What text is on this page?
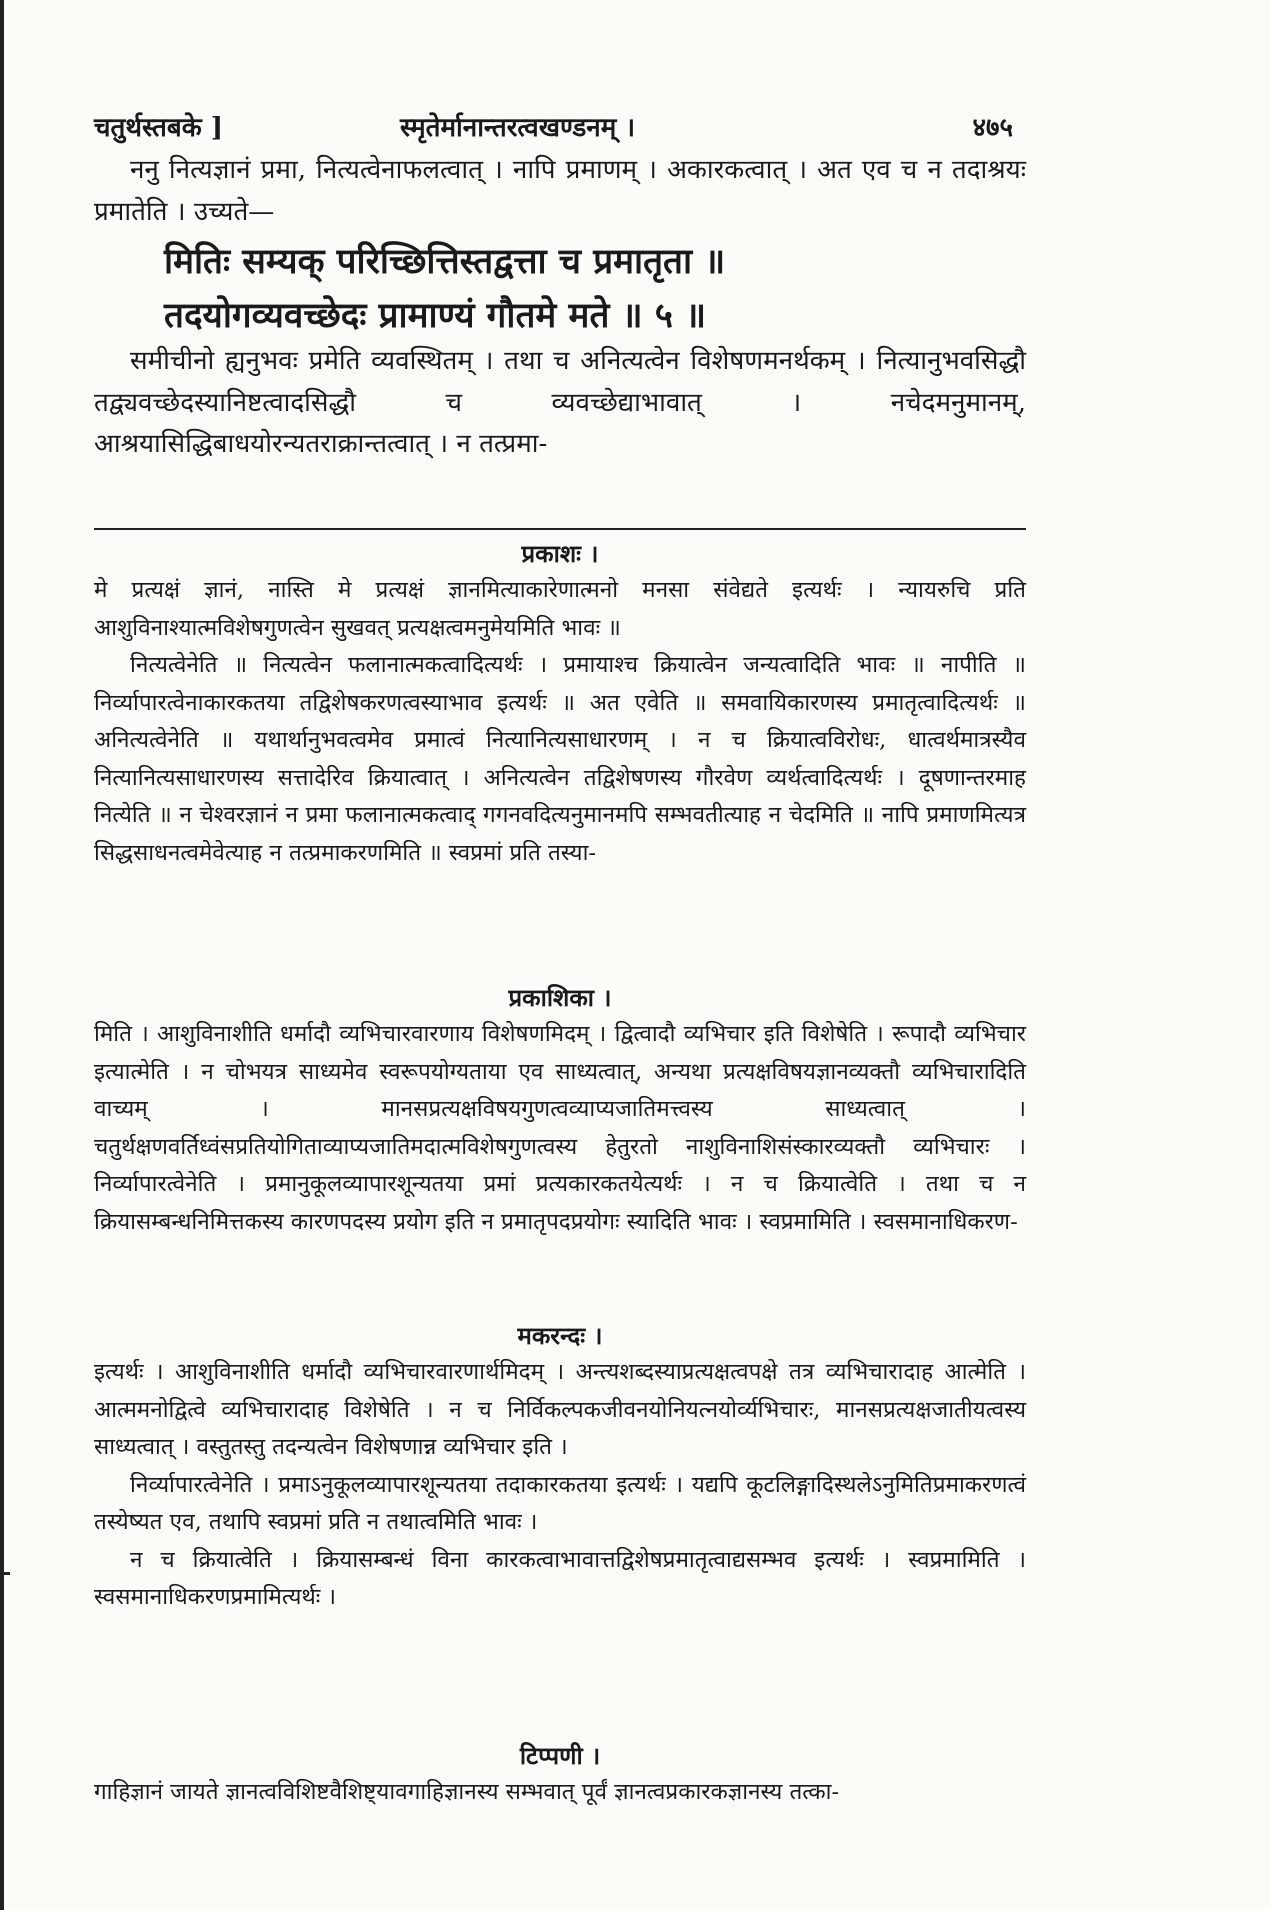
चतुर्थस्तबके ]	स्मृतेर्मानान्तरत्वखण्डनम् ।	४७५

ननु नित्यज्ञानं प्रमा, नित्यत्वेनाफलत्वात् । नापि प्रमाणम् । अकारकत्वात् । अत एव च न तदाश्रयः प्रमातेति । उच्यते—

मितिः सम्यक् परिच्छित्तिस्तद्वत्ता च प्रमातृता ॥

तदयोगव्यवच्छेदः प्रामाण्यं गौतमे मते ॥ ५ ॥

समीचीनो ह्यनुभवः प्रमेति व्यवस्थितम् । तथा च अनित्यत्वेन विशेषणमनर्थकम् । नित्यानुभवसिद्धौ तद्व्यवच्छेदस्यानिष्टत्वादसिद्धौ च व्यवच्छेद्याभावात् । नचेदमनुमानम्, आश्रयासिद्धिबाधयोरन्यतराक्रान्तत्वात् । न तत्प्रमा-

प्रकाशः ।

मे प्रत्यक्षं ज्ञानं, नास्ति मे प्रत्यक्षं ज्ञानमित्याकारेणात्मनो मनसा संवेद्यते इत्यर्थः । न्यायरुचि प्रति आशुविनाश्यात्मविशेषगुणत्वेन सुखवत् प्रत्यक्षत्वमनुमेयमिति भावः ॥

नित्यत्वेनेति ॥ नित्यत्वेन फलानात्मकत्वादित्यर्थः । प्रमायाश्च क्रियात्वेन जन्यत्वादिति भावः ॥ नापीति ॥ निर्व्यापारत्वेनाकारकतया तद्विशेषकरणत्वस्याभाव इत्यर्थः ॥ अत एवेति ॥ समवायिकारणस्य प्रमातृत्वादित्यर्थः ॥ अनित्यत्वेनेति ॥ यथार्थानुभवत्वमेव प्रमात्वं नित्यानित्यसाधारणम् । न च क्रियात्वविरोधः, धात्वर्थमात्रस्यैव नित्यानित्यसाधारणस्य सत्तादेरिव क्रियात्वात् । अनित्यत्वेन तद्विशेषणस्य गौरवेण व्यर्थत्वादित्यर्थः । दूषणान्तरमाह नित्येति ॥ न चेश्वरज्ञानं न प्रमा फलानात्मकत्वाद् गगनवदित्यनुमानमपि सम्भवतीत्याह न चेदमिति ॥ नापि प्रमाणमित्यत्र सिद्धसाधनत्वमेवेत्याह न तत्प्रमाकरणमिति ॥ स्वप्रमां प्रति तस्या-

प्रकाशिका ।

मिति । आशुविनाशीति धर्मादौ व्यभिचारवारणाय विशेषणमिदम् । द्वित्वादौ व्यभिचार इति विशेषेति । रूपादौ व्यभिचार इत्यात्मेति । न चोभयत्र साध्यमेव स्वरूपयोग्यताया एव साध्यत्वात्, अन्यथा प्रत्यक्षविषयज्ञानव्यक्तौ व्यभिचारादिति वाच्यम् । मानसप्रत्यक्षविषयगुणत्वव्याप्यजातिमत्त्वस्य साध्यत्वात् । चतुर्थक्षणवर्तिध्वंसप्रतियोगिताव्याप्यजातिमदात्मविशेषगुणत्वस्य हेतुरतो नाशुविनाशिसंस्कारव्यक्तौ व्यभिचारः । निर्व्यापारत्वेनेति । प्रमानुकूलव्यापारशून्यतया प्रमां प्रत्यकारकतयेत्यर्थः । न च क्रियात्वेति । तथा च न क्रियासम्बन्धनिमित्तकस्य कारणपदस्य प्रयोग इति न प्रमातृपदप्रयोगः स्यादिति भावः । स्वप्रमामिति । स्वसमानाधिकरण-

मकरन्दः ।

इत्यर्थः । आशुविनाशीति धर्मादौ व्यभिचारवारणार्थमिदम् । अन्त्यशब्दस्याप्रत्यक्षत्वपक्षे तत्र व्यभिचारादाह आत्मेति । आत्ममनोद्वित्वे व्यभिचारादाह विशेषेति । न च निर्विकल्पकजीवनयोनियत्नयोर्व्यभिचारः, मानसप्रत्यक्षजातीयत्वस्य साध्यत्वात् । वस्तुतस्तु तदन्यत्वेन विशेषणान्न व्यभिचार इति ।

निर्व्यापारत्वेनेति । प्रमाऽनुकूलव्यापारशून्यतया तदाकारकतया इत्यर्थः । यद्यपि कूटलिङ्गादिस्थलेऽनुमितिप्रमाकरणत्वं तस्येष्यत एव, तथापि स्वप्रमां प्रति न तथात्वमिति भावः ।

न च क्रियात्वेति । क्रियासम्बन्धं विना कारकत्वाभावात्तद्विशेषप्रमातृत्वाद्यसम्भव इत्यर्थः । स्वप्रमामिति । स्वसमानाधिकरणप्रमामित्यर्थः ।

टिप्पणी ।

गाहिज्ञानं जायते ज्ञानत्वविशिष्टवैशिष्ट्यावगाहिज्ञानस्य सम्भवात् पूर्वं ज्ञानत्वप्रकारकज्ञानस्य तत्का-
